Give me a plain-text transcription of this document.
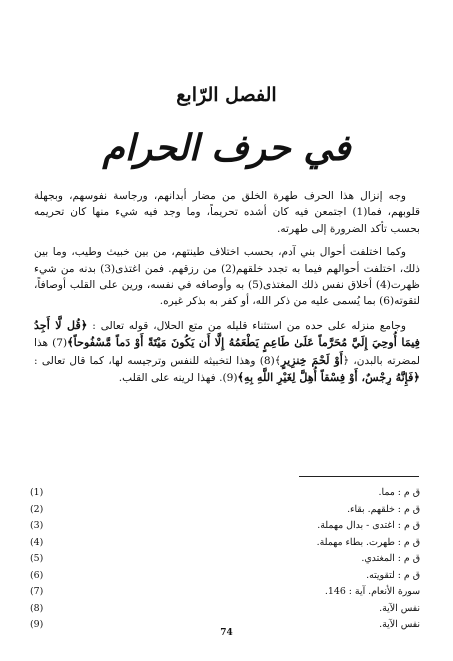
الفصل الرّابع
في حرف الحرام

وجه إنزال هذا الحرف طهرة الخلق من مضار أبدانهم، ورجاسة نفوسهم، وبجهلة قلوبهم، فما(1) اجتمعن فيه كان أشده تحريماً، وما وجد فيه شيء منها كان تحريمه بحسب تأكد الضرورة إلى طهرته.

وكما اختلفت أحوال بني آدم، بحسب اختلاف طينتهم، من بين خبيث وطيب، وما بين ذلك، اختلفت أحوالهم فيما به تجدد خلقهم(2) من رزقهم. فمن اغتذى(3) بدنه من شيء ظهرت(4) أخلاق نفس ذلك المغتذى(5) به وأوصافه في نفسه، ورين على القلب أوصافاً، لتقوته(6) بما يُسمى عليه من ذكر الله، أو كفر به بذكر غيره.

وجامع منزله على حده من استثناء قليله من متع الحلال، قوله تعالى : ﴿قُل لَّا أَجِدُ فِيمَا أُوحِيَ إِلَيَّ مُحَرَّماً عَلَىٰ طَاعِمٍ يَطْعَمُهُ إِلَّا أَن يَكُونَ مَيْتَةً أَوْ دَماً مَّسْفُوحاً﴾(7) هذا لمضرته بالبدن، ﴿أَوْ لَحْمَ خِنزِيرٍ﴾(8) وهذا لتخبيثه للنفس وترجيسه لها، كما قال تعالى : ﴿فَإِنَّهُ رِجْسٌ، أَوْ فِسْقاً أُهِلَّ لِغَيْرِ اللَّهِ بِهِ﴾(9). فهذا لرينه على القلب.

ق م : مما.
(1)
ق م : خلقهم. بقاء.
(2)
ق م : اغتدى - بدال مهملة.
(3)
ق م : طهرت. بطاء مهملة.
(4)
ق م : المغتدي.
(5)
ق م : لتقويته.
(6)
سورة الأنعام. آية : 146.
(7)
نفس الآية.
(8)
نفس الآية.
(9)
74
